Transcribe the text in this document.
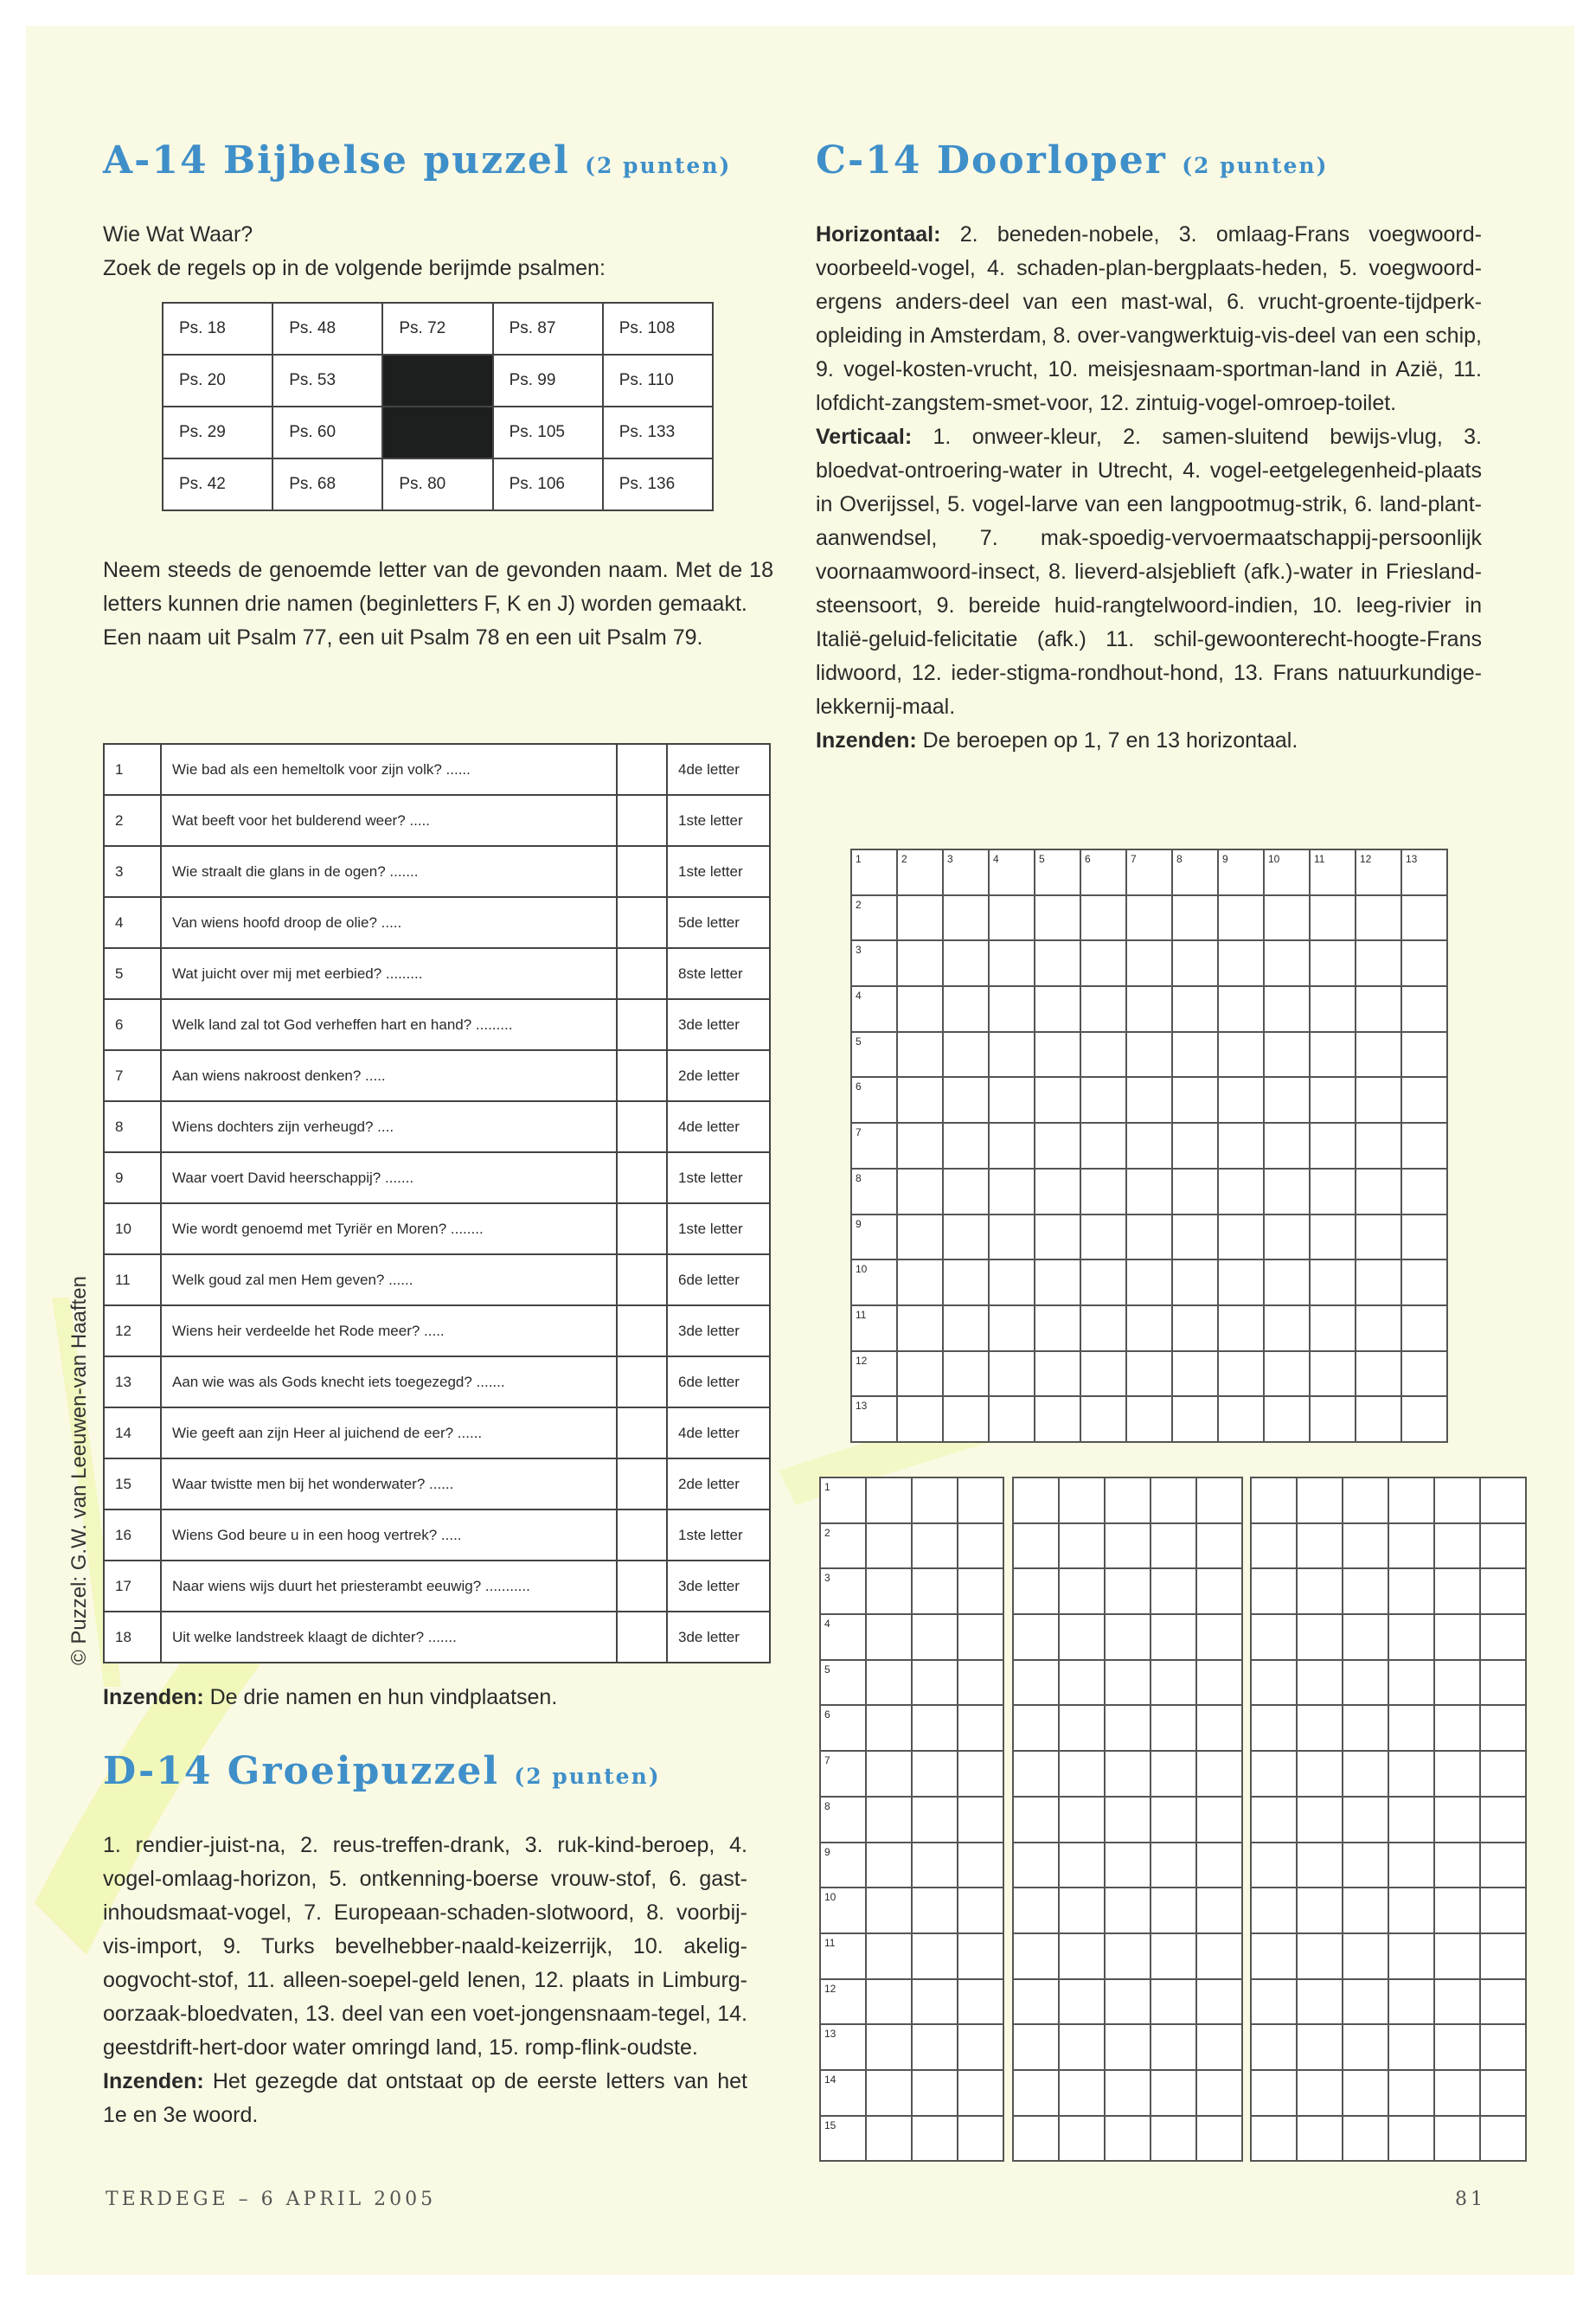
A-14 Bijbelse puzzel (2 punten)
Wie Wat Waar?
Zoek de regels op in de volgende berijmde psalmen:
Ps. 18	Ps. 48	Ps. 72	Ps. 87	Ps. 108
Ps. 20	Ps. 53		Ps. 99	Ps. 110
Ps. 29	Ps. 60		Ps. 105	Ps. 133
Ps. 42	Ps. 68	Ps. 80	Ps. 106	Ps. 136
Neem steeds de genoemde letter van de gevonden naam. Met de 18 letters kunnen drie namen (beginletters F, K en J) worden gemaakt.
Een naam uit Psalm 77, een uit Psalm 78 en een uit Psalm 79.
1	Wie bad als een hemeltolk voor zijn volk? ......		4de letter
2	Wat beeft voor het bulderend weer? .....		1ste letter
3	Wie straalt die glans in de ogen? .......		1ste letter
4	Van wiens hoofd droop de olie? .....		5de letter
5	Wat juicht over mij met eerbied? .........		8ste letter
6	Welk land zal tot God verheffen hart en hand? .........		3de letter
7	Aan wiens nakroost denken? .....		2de letter
8	Wiens dochters zijn verheugd? ....		4de letter
9	Waar voert David heerschappij? .......		1ste letter
10	Wie wordt genoemd met Tyriër en Moren? ........		1ste letter
11	Welk goud zal men Hem geven? ......		6de letter
12	Wiens heir verdeelde het Rode meer? .....		3de letter
13	Aan wie was als Gods knecht iets toegezegd? .......		6de letter
14	Wie geeft aan zijn Heer al juichend de eer? ......		4de letter
15	Waar twistte men bij het wonderwater? ......		2de letter
16	Wiens God beure u in een hoog vertrek? .....		1ste letter
17	Naar wiens wijs duurt het priesterambt eeuwig? ...........		3de letter
18	Uit welke landstreek klaagt de dichter? .......		3de letter
Inzenden: De drie namen en hun vindplaatsen.
D-14 Groeipuzzel (2 punten)
1. rendier-juist-na, 2. reus-treffen-drank, 3. ruk-kind-beroep, 4. vogel-omlaag-horizon, 5. ontkenning-boerse vrouw-stof, 6. gast-inhoudsmaat-vogel, 7. Europeaan-schaden-slotwoord, 8. voorbij-vis-import, 9. Turks bevelhebber-naald-keizerrijk, 10. akelig-oogvocht-stof, 11. alleen-soepel-geld lenen, 12. plaats in Limburg-oorzaak-bloedvaten, 13. deel van een voet-jongensnaam-tegel, 14. geestdrift-hert-door water omringd land, 15. romp-flink-oudste.
Inzenden: Het gezegde dat ontstaat op de eerste letters van het 1e en 3e woord.
C-14 Doorloper (2 punten)
Horizontaal: 2. beneden-nobele, 3. omlaag-Frans voegwoord-voorbeeld-vogel, 4. schaden-plan-bergplaats-heden, 5. voegwoord-ergens anders-deel van een mast-wal, 6. vrucht-groente-tijdperk-opleiding in Amsterdam, 8. over-vangwerktuig-vis-deel van een schip, 9. vogel-kosten-vrucht, 10. meisjesnaam-sportman-land in Azië, 11. lofdicht-zangstem-smet-voor, 12. zintuig-vogel-omroep-toilet.
Verticaal: 1. onweer-kleur, 2. samen-sluitend bewijs-vlug, 3. bloedvat-ontroering-water in Utrecht, 4. vogel-eetgelegenheid-plaats in Overijssel, 5. vogel-larve van een langpootmug-strik, 6. land-plant-aanwendsel, 7. mak-spoedig-vervoermaatschappij-persoonlijk voornaamwoord-insect, 8. lieverd-alsjeblieft (afk.)-water in Friesland-steensoort, 9. bereide huid-rangtelwoord-indien, 10. leeg-rivier in Italië-geluid-felicitatie (afk.) 11. schil-gewoonterecht-hoogte-Frans lidwoord, 12. ieder-stigma-rondhout-hond, 13. Frans natuurkundige-lekkernij-maal.
Inzenden: De beroepen op 1, 7 en 13 horizontaal.
1	2	3	4	5	6	7	8	9	10	11	12	13
2												
3												
4												
5												
6												
7												
8												
9												
10												
11												
12												
13												
1			
2			
3			
4			
5			
6			
7			
8			
9			
10			
11			
12			
13			
14			
15			

TERDEGE – 6 APRIL 2005	81
© Puzzel: G.W. van Leeuwen-van Haaften
